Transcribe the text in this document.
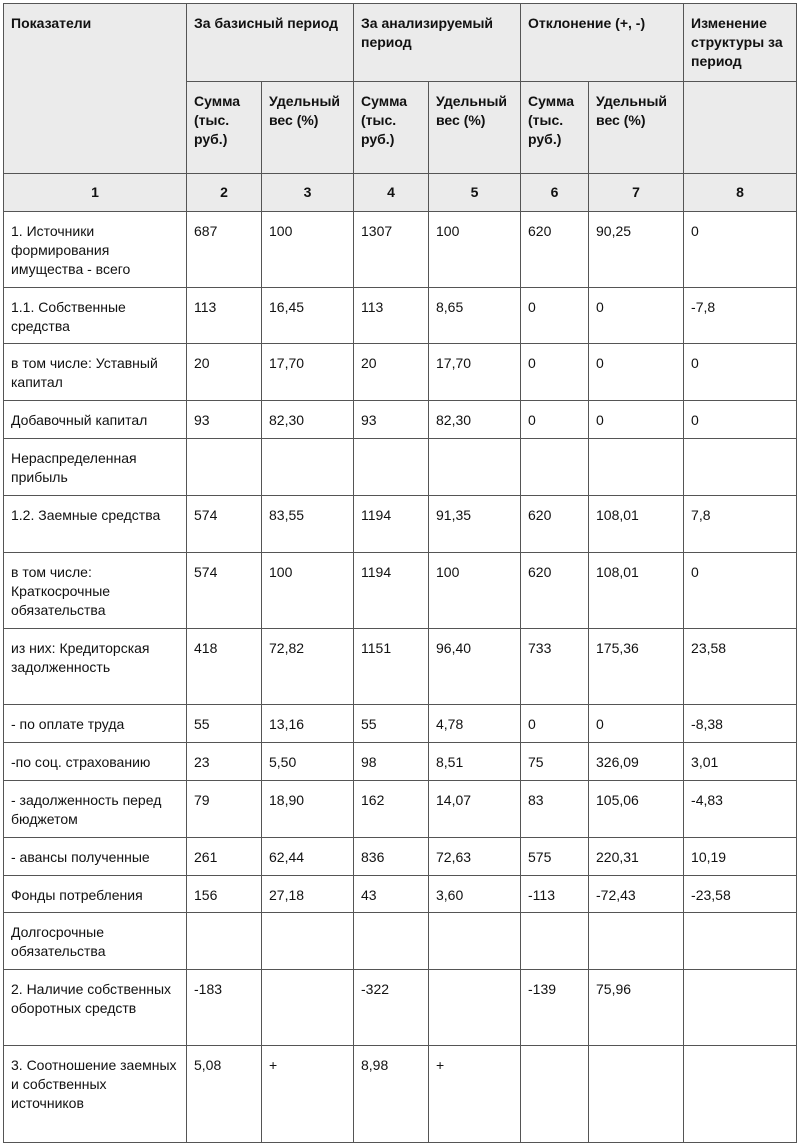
Показатели	За базисный период		За анализируемый период		Отклонение (+, -)		Изменение структуры за период
	Сумма (тыс. руб.)	Удельный вес (%)	Сумма (тыс. руб.)	Удельный вес (%)	Сумма (тыс. руб.)	Удельный вес (%)	
1	2	3	4	5	6	7	8
1. Источники формирования имущества - всего	687	100	1307	100	620	90,25	0
1.1. Собственные средства	113	16,45	113	8,65	0	0	-7,8
в том числе: Уставный капитал	20	17,70	20	17,70	0	0	0
Добавочный капитал	93	82,30	93	82,30	0	0	0
Нераспределенная прибыль							
1.2. Заемные средства	574	83,55	1194	91,35	620	108,01	7,8
в том числе: Краткосрочные обязательства	574	100	1194	100	620	108,01	0
из них: Кредиторская задолженность	418	72,82	1151	96,40	733	175,36	23,58
- по оплате труда	55	13,16	55	4,78	0	0	-8,38
-по соц. страхованию	23	5,50	98	8,51	75	326,09	3,01
- задолженность перед бюджетом	79	18,90	162	14,07	83	105,06	-4,83
- авансы полученные	261	62,44	836	72,63	575	220,31	10,19
Фонды потребления	156	27,18	43	3,60	-113	-72,43	-23,58
Долгосрочные обязательства							
2. Наличие собственных оборотных средств	-183		-322		-139	75,96	
3. Соотношение заемных и собственных источников	5,08	+	8,98	+			
